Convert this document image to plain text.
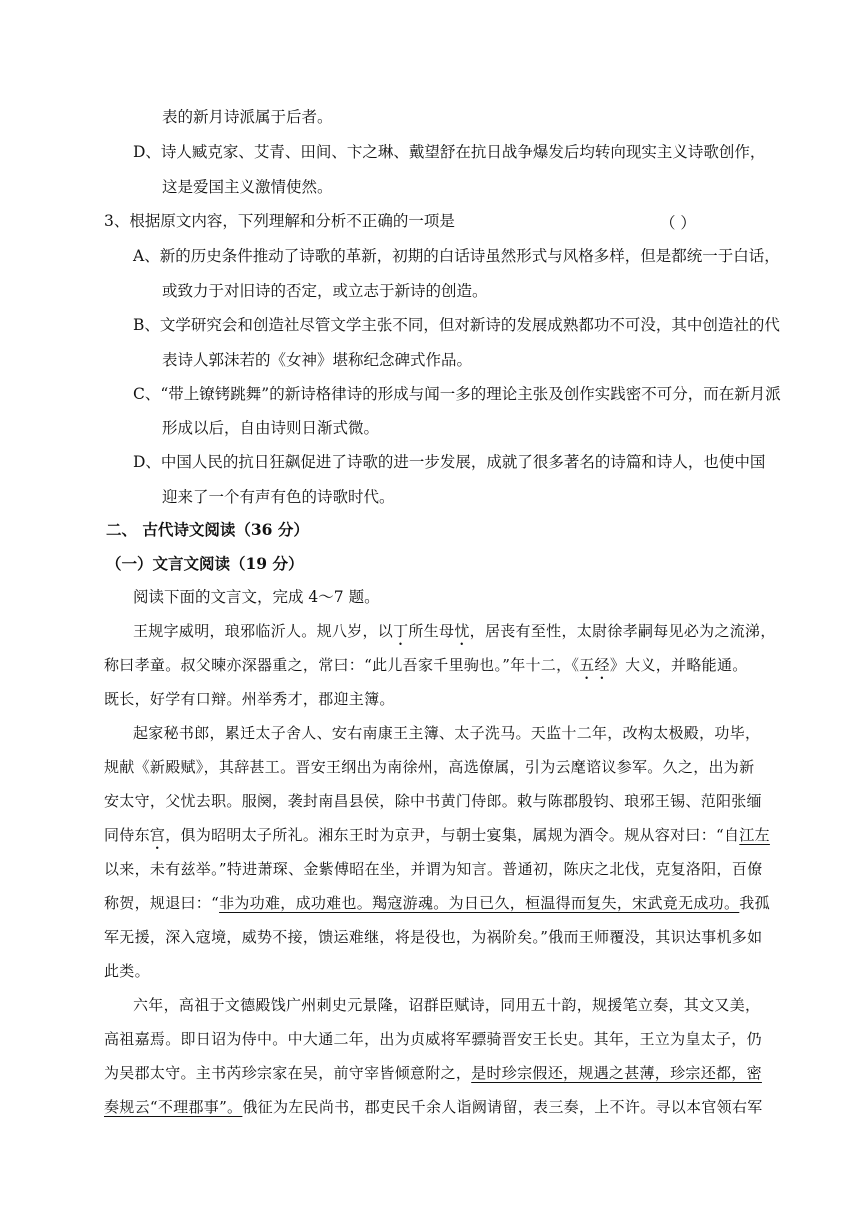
表的新月诗派属于后者。
D、诗人臧克家、艾青、田间、卞之琳、戴望舒在抗日战争爆发后均转向现实主义诗歌创作，
这是爱国主义激情使然。
3、根据原文内容，下列理解和分析不正确的一项是	（ ）
A、新的历史条件推动了诗歌的革新，初期的白话诗虽然形式与风格多样，但是都统一于白话，
或致力于对旧诗的否定，或立志于新诗的创造。
B、文学研究会和创造社尽管文学主张不同，但对新诗的发展成熟都功不可没，其中创造社的代
表诗人郭沫若的《女神》堪称纪念碑式作品。
C、“带上镣铐跳舞”的新诗格律诗的形成与闻一多的理论主张及创作实践密不可分，而在新月派
形成以后，自由诗则日渐式微。
D、中国人民的抗日狂飙促进了诗歌的进一步发展，成就了很多著名的诗篇和诗人，也使中国
迎来了一个有声有色的诗歌时代。
二、 古代诗文阅读（36 分）
（一）文言文阅读（19 分）
阅读下面的文言文，完成 4～7 题。
王规字威明，琅邪临沂人。规八岁，以丁所生母忧，居丧有至性，太尉徐孝嗣每见必为之流涕，
称曰孝童。叔父暕亦深器重之，常曰：“此儿吾家千里驹也。”年十二，《五经》大义，并略能通。
既长，好学有口辩。州举秀才，郡迎主簿。
起家秘书郎，累迁太子舍人、安右南康王主簿、太子洗马。天监十二年，改构太极殿，功毕，
规献《新殿赋》，其辞甚工。晋安王纲出为南徐州，高选僚属，引为云麾谘议参军。久之，出为新
安太守，父忧去职。服阕，袭封南昌县侯，除中书黄门侍郎。敕与陈郡殷钧、琅邪王锡、范阳张缅
同侍东宫，俱为昭明太子所礼。湘东王时为京尹，与朝士宴集，属规为酒令。规从容对曰：“自江左
以来，未有兹举。”特进萧琛、金紫傅昭在坐，并谓为知言。普通初，陈庆之北伐，克复洛阳，百僚
称贺，规退曰：“非为功难，成功难也。羯寇游魂。为日已久，桓温得而复失，宋武竟无成功。我孤
军无援，深入寇境，威势不接，馈运难继，将是役也，为祸阶矣。”俄而王师覆没，其识达事机多如
此类。
六年，高祖于文德殿饯广州刺史元景隆，诏群臣赋诗，同用五十韵，规援笔立奏，其文又美，
高祖嘉焉。即日诏为侍中。中大通二年，出为贞威将军骠骑晋安王长史。其年，王立为皇太子，仍
为吴郡太守。主书芮珍宗家在吴，前守宰皆倾意附之，是时珍宗假还，规遇之甚薄，珍宗还都，密
奏规云“不理郡事”。俄征为左民尚书，郡吏民千余人诣阙请留，表三奏，上不许。寻以本官领右军
